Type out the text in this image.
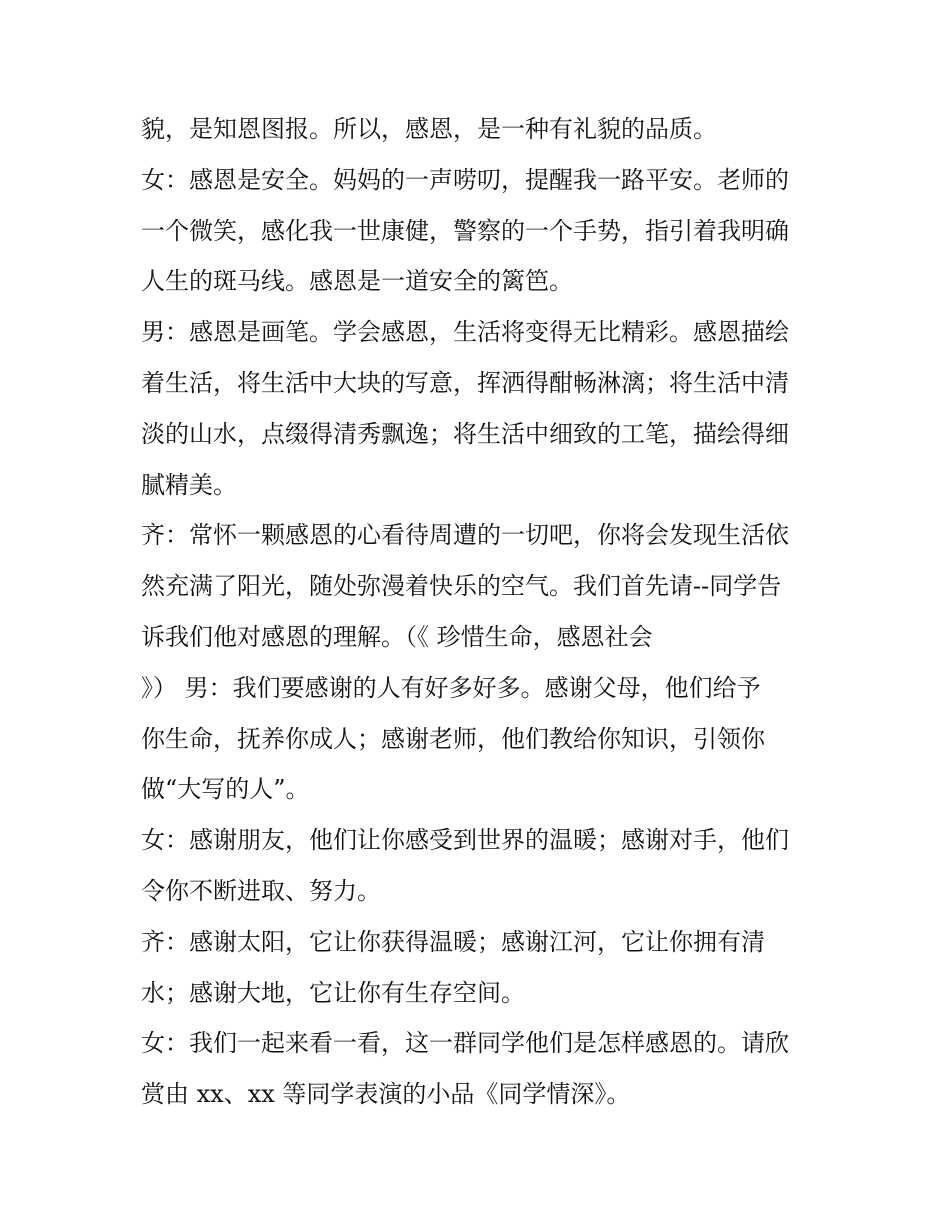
貌，是知恩图报。所以，感恩，是一种有礼貌的品质。
女：感恩是安全。妈妈的一声唠叨，提醒我一路平安。老师的
一个微笑，感化我一世康健，警察的一个手势，指引着我明确
人生的斑马线。感恩是一道安全的篱笆。
男：感恩是画笔。学会感恩，生活将变得无比精彩。感恩描绘
着生活，将生活中大块的写意，挥洒得酣畅淋漓；将生活中清
淡的山水，点缀得清秀飘逸；将生活中细致的工笔，描绘得细
腻精美。
齐：常怀一颗感恩的心看待周遭的一切吧，你将会发现生活依
然充满了阳光，随处弥漫着快乐的空气。我们首先请--同学告
诉我们他对感恩的理解。（《 珍惜生命，感恩社会
》） 男：我们要感谢的人有好多好多。感谢父母，他们给予
你生命，抚养你成人；感谢老师，他们教给你知识，引领你
做“大写的人”。
女：感谢朋友，他们让你感受到世界的温暖；感谢对手，他们
令你不断进取、努力。
齐：感谢太阳，它让你获得温暖；感谢江河，它让你拥有清
水；感谢大地，它让你有生存空间。
女：我们一起来看一看，这一群同学他们是怎样感恩的。请欣
赏由 xx、xx 等同学表演的小品《同学情深》。
